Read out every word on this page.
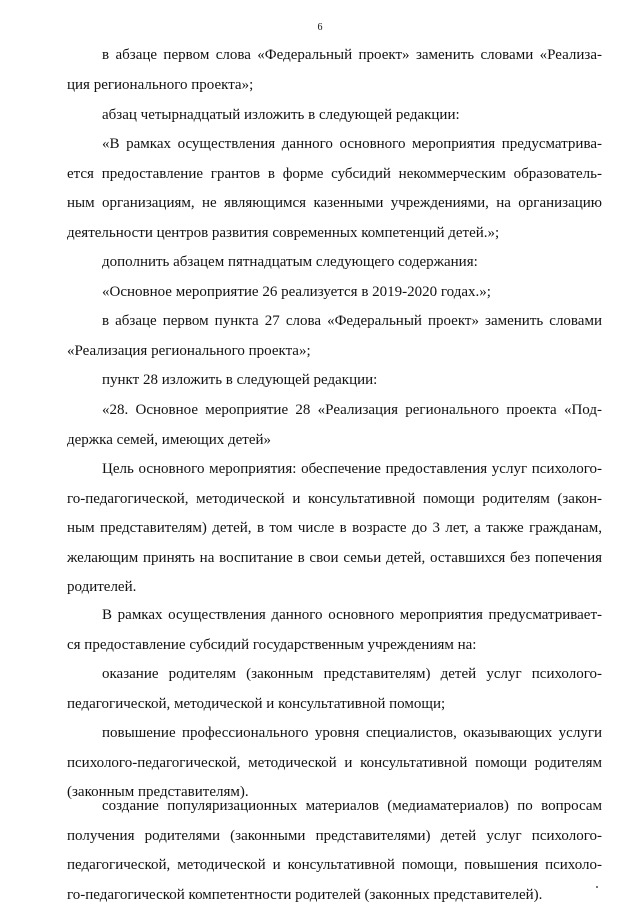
6
в абзаце первом слова «Федеральный проект» заменить словами «Реализа-
ция регионального проекта»;
абзац четырнадцатый изложить в следующей редакции:
«В рамках осуществления данного основного мероприятия предусматрива-
ется предоставление грантов в форме субсидий некоммерческим образователь-
ным организациям, не являющимся казенными учреждениями, на организацию
деятельности центров развития современных компетенций детей.»;
дополнить абзацем пятнадцатым следующего содержания:
«Основное мероприятие 26 реализуется в 2019-2020 годах.»;
в абзаце первом пункта 27 слова «Федеральный проект» заменить словами
«Реализация регионального проекта»;
пункт 28 изложить в следующей редакции:
«28. Основное мероприятие 28 «Реализация регионального проекта «Под-
держка семей, имеющих детей»
Цель основного мероприятия: обеспечение предоставления услуг психолого-
го-педагогической, методической и консультативной помощи родителям (закон-
ным представителям) детей, в том числе в возрасте до 3 лет, а также гражданам,
желающим принять на воспитание в свои семьи детей, оставшихся без попечения
родителей.
В рамках осуществления данного основного мероприятия предусматривает-
ся предоставление субсидий государственным учреждениям на:
оказание родителям (законным представителям) детей услуг психолого-
педагогической, методической и консультативной помощи;
повышение профессионального уровня специалистов, оказывающих услуги
психолого-педагогической, методической и консультативной помощи родителям
(законным представителям).
создание популяризационных материалов (медиаматериалов) по вопросам
получения родителями (законными представителями) детей услуг психолого-
педагогической, методической и консультативной помощи, повышения психоло-
го-педагогической компетентности родителей (законных представителей).
